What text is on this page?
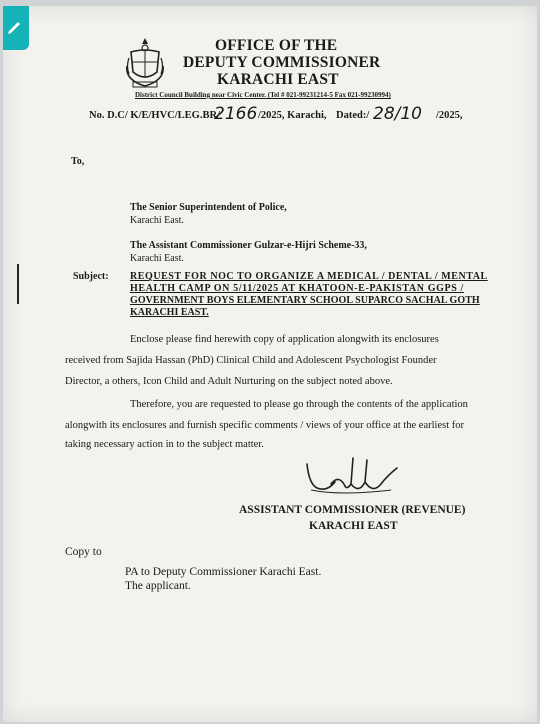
OFFICE OF THE
DEPUTY COMMISSIONER
KARACHI EAST
District Council Building near Civic Center. (Tel # 021-99231214-5 Fax 021-99230994)
No. D.C/ K/E/HVC/LEG.BR/
2166 /2025, Karachi, Dated:/ 28/10 /2025,
To,
The Senior Superintendent of Police,
Karachi East.
The Assistant Commissioner Gulzar-e-Hijri Scheme-33,
Karachi East.
Subject: REQUEST FOR NOC TO ORGANIZE A MEDICAL / DENTAL / MENTAL
HEALTH CAMP ON 5/11/2025 AT KHATOON-E-PAKISTAN GGPS /
GOVERNMENT BOYS ELEMENTARY SCHOOL SUPARCO SACHAL GOTH
KARACHI EAST.
Enclose please find herewith copy of application alongwith its enclosures
received from Sajida Hassan (PhD) Clinical Child and Adolescent Psychologist Founder
Director, a others, Icon Child and Adult Nurturing on the subject noted above.
Therefore, you are requested to please go through the contents of the application
alongwith its enclosures and furnish specific comments / views of your office at the earliest for
taking necessary action in to the subject matter.
ASSISTANT COMMISSIONER (REVENUE)
KARACHI EAST
Copy to
PA to Deputy Commissioner Karachi East.
The applicant.
